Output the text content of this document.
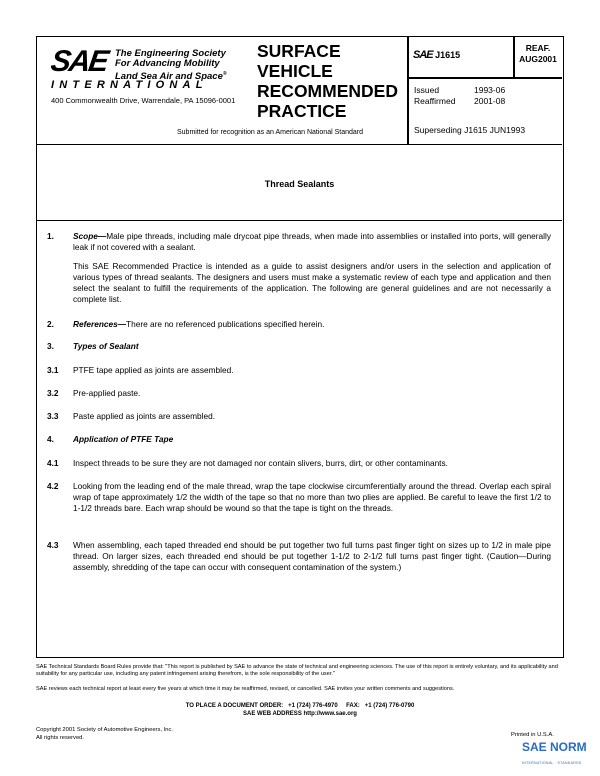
SAE The Engineering Society
For Advancing Mobility
Land Sea Air and Space®
INTERNATIONAL
400 Commonwealth Drive, Warrendale, PA 15096-0001
SURFACE
VEHICLE
RECOMMENDED
PRACTICE
Submitted for recognition as an American National Standard
SAE J1615
REAF.
AUG2001
Issued	1993-06
Reaffirmed	2001-08
Superseding J1615 JUN1993
Thread Sealants
1. Scope—Male pipe threads, including male drycoat pipe threads, when made into assemblies or installed into ports, will generally leak if not covered with a sealant.
This SAE Recommended Practice is intended as a guide to assist designers and/or users in the selection and application of various types of thread sealants. The designers and users must make a systematic review of each type and application and then select the sealant to fulfill the requirements of the application. The following are general guidelines and are not necessarily a complete list.
2. References—There are no referenced publications specified herein.
3. Types of Sealant
3.1 PTFE tape applied as joints are assembled.
3.2 Pre-applied paste.
3.3 Paste applied as joints are assembled.
4. Application of PTFE Tape
4.1 Inspect threads to be sure they are not damaged nor contain slivers, burrs, dirt, or other contaminants.
4.2 Looking from the leading end of the male thread, wrap the tape clockwise circumferentially around the thread. Overlap each spiral wrap of tape approximately 1/2 the width of the tape so that no more than two plies are applied. Be careful to leave the first 1/2 to 1-1/2 threads bare. Each wrap should be wound so that the tape is tight on the threads.
4.3 When assembling, each taped threaded end should be put together two full turns past finger tight on sizes up to 1/2 in male pipe thread. On larger sizes, each threaded end should be put together 1-1/2 to 2-1/2 full turns past finger tight. (Caution—During assembly, shredding of the tape can occur with consequent contamination of the system.)
SAE Technical Standards Board Rules provide that: "This report is published by SAE to advance the state of technical and engineering sciences. The use of this report is entirely voluntary, and its applicability and suitability for any particular use, including any patent infringement arising therefrom, is the sole responsibility of the user."
SAE reviews each technical report at least every five years at which time it may be reaffirmed, revised, or cancelled. SAE invites your written comments and suggestions.
TO PLACE A DOCUMENT ORDER: +1 (724) 776-4970 FAX: +1 (724) 776-0790
SAE WEB ADDRESS http://www.sae.org
Copyright 2001 Society of Automotive Engineers, Inc.
All rights reserved.	Printed in U.S.A.
SAE NORM
INTERNATIONAL · STANDARDS
